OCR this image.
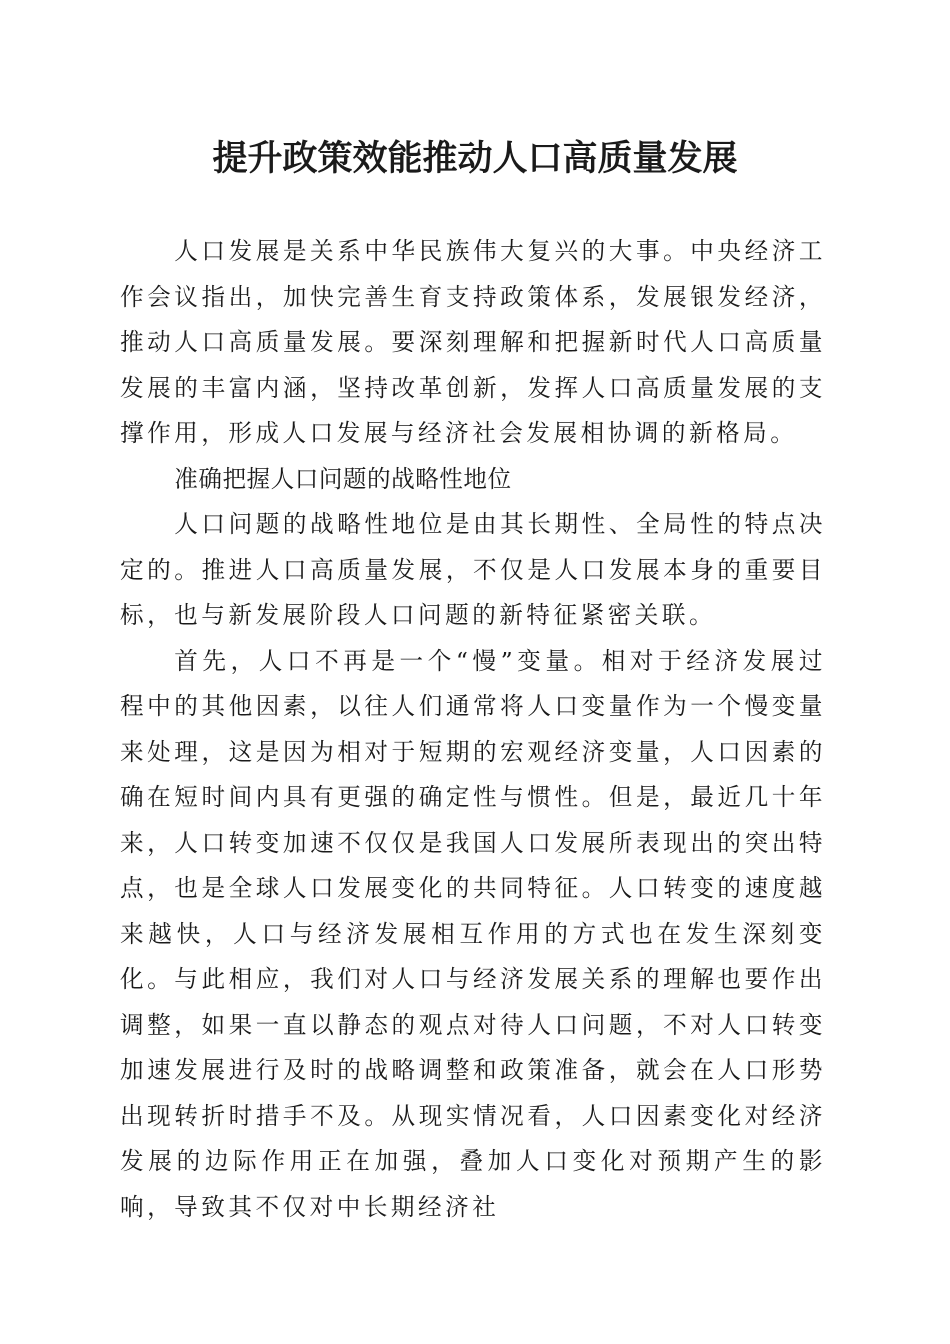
提升政策效能推动人口高质量发展

人口发展是关系中华民族伟大复兴的大事。中央经济工作会议指出，加快完善生育支持政策体系，发展银发经济，推动人口高质量发展。要深刻理解和把握新时代人口高质量发展的丰富内涵，坚持改革创新，发挥人口高质量发展的支撑作用，形成人口发展与经济社会发展相协调的新格局。

准确把握人口问题的战略性地位

人口问题的战略性地位是由其长期性、全局性的特点决定的。推进人口高质量发展，不仅是人口发展本身的重要目标，也与新发展阶段人口问题的新特征紧密关联。

首先，人口不再是一个“慢”变量。相对于经济发展过程中的其他因素，以往人们通常将人口变量作为一个慢变量来处理，这是因为相对于短期的宏观经济变量，人口因素的确在短时间内具有更强的确定性与惯性。但是，最近几十年来，人口转变加速不仅仅是我国人口发展所表现出的突出特点，也是全球人口发展变化的共同特征。人口转变的速度越来越快，人口与经济发展相互作用的方式也在发生深刻变化。与此相应，我们对人口与经济发展关系的理解也要作出调整，如果一直以静态的观点对待人口问题，不对人口转变加速发展进行及时的战略调整和政策准备，就会在人口形势出现转折时措手不及。从现实情况看，人口因素变化对经济发展的边际作用正在加强，叠加人口变化对预期产生的影响，导致其不仅对中长期经济社
